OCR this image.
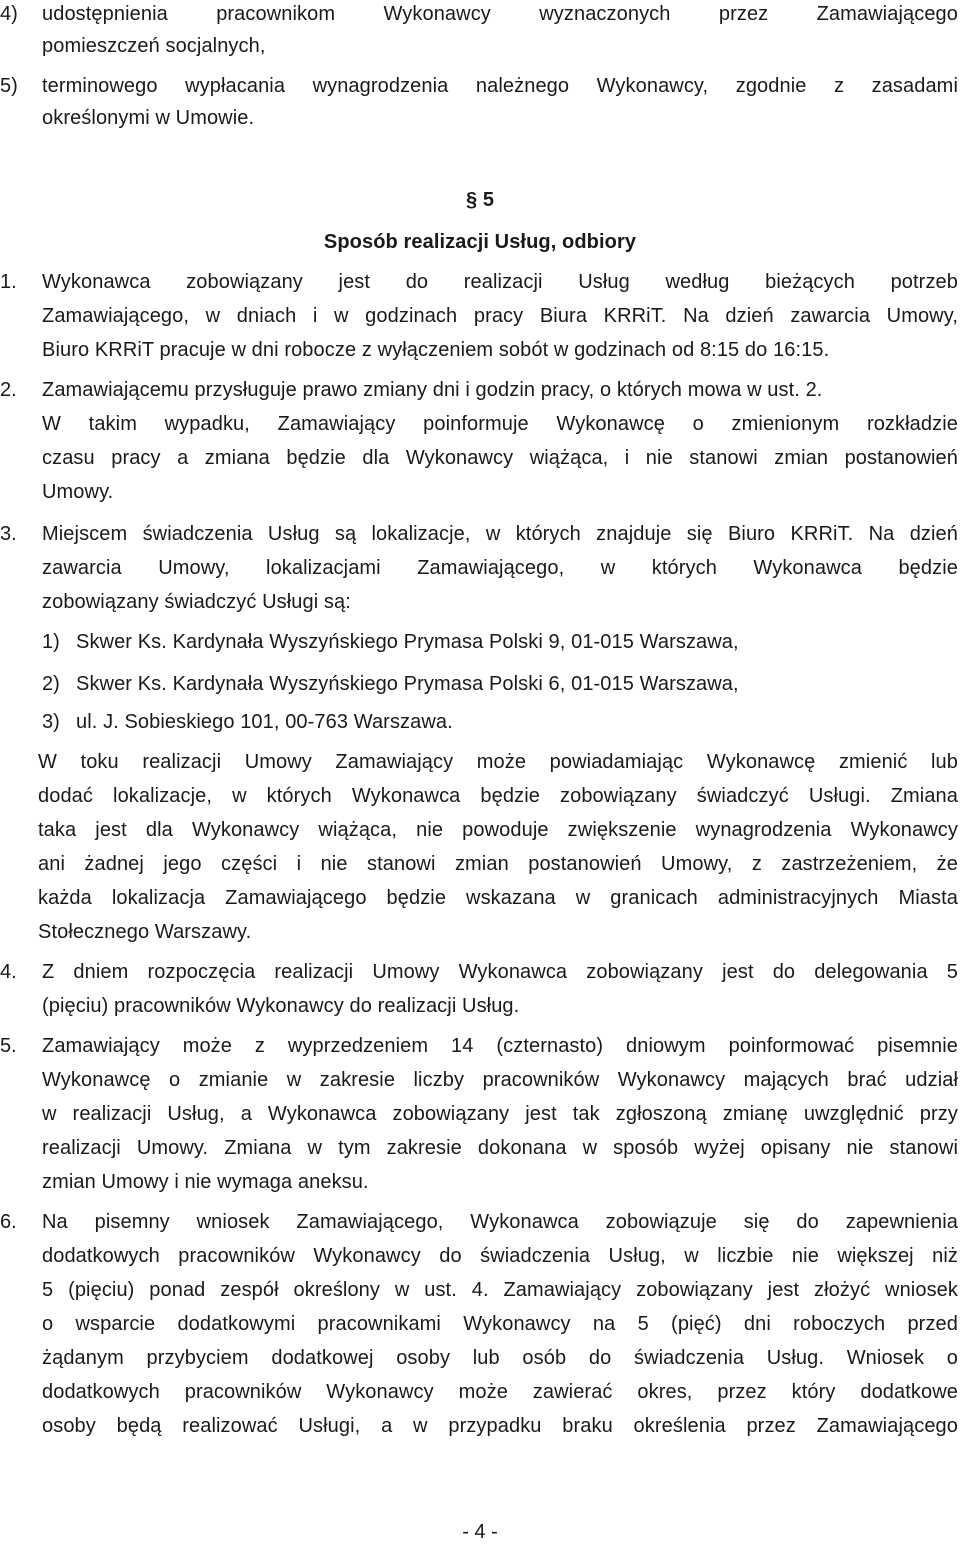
4) udostępnienia pracownikom Wykonawcy wyznaczonych przez Zamawiającego
pomieszczeń socjalnych,
5) terminowego wypłacania wynagrodzenia należnego Wykonawcy, zgodnie z zasadami
określonymi w Umowie.
§ 5
Sposób realizacji Usług, odbiory
1. Wykonawca zobowiązany jest do realizacji Usług według bieżących potrzeb
Zamawiającego, w dniach i w godzinach pracy Biura KRRiT. Na dzień zawarcia Umowy,
Biuro KRRiT pracuje w dni robocze z wyłączeniem sobót w godzinach od 8:15 do 16:15.
2. Zamawiającemu przysługuje prawo zmiany dni i godzin pracy, o których mowa w ust. 2.
W takim wypadku, Zamawiający poinformuje Wykonawcę o zmienionym rozkładzie
czasu pracy a zmiana będzie dla Wykonawcy wiążąca, i nie stanowi zmian postanowień
Umowy.
3. Miejscem świadczenia Usług są lokalizacje, w których znajduje się Biuro KRRiT. Na dzień
zawarcia Umowy, lokalizacjami Zamawiającego, w których Wykonawca będzie
zobowiązany świadczyć Usługi są:
1) Skwer Ks. Kardynała Wyszyńskiego Prymasa Polski 9, 01-015 Warszawa,
2) Skwer Ks. Kardynała Wyszyńskiego Prymasa Polski 6, 01-015 Warszawa,
3) ul. J. Sobieskiego 101, 00-763 Warszawa.
W toku realizacji Umowy Zamawiający może powiadamiając Wykonawcę zmienić lub
dodać lokalizacje, w których Wykonawca będzie zobowiązany świadczyć Usługi. Zmiana
taka jest dla Wykonawcy wiążąca, nie powoduje zwiększenie wynagrodzenia Wykonawcy
ani żadnej jego części i nie stanowi zmian postanowień Umowy, z zastrzeżeniem, że
każda lokalizacja Zamawiającego będzie wskazana w granicach administracyjnych Miasta
Stołecznego Warszawy.
4. Z dniem rozpoczęcia realizacji Umowy Wykonawca zobowiązany jest do delegowania 5
(pięciu) pracowników Wykonawcy do realizacji Usług.
5. Zamawiający może z wyprzedzeniem 14 (czternasto) dniowym poinformować pisemnie
Wykonawcę o zmianie w zakresie liczby pracowników Wykonawcy mających brać udział
w realizacji Usług, a Wykonawca zobowiązany jest tak zgłoszoną zmianę uwzględnić przy
realizacji Umowy. Zmiana w tym zakresie dokonana w sposób wyżej opisany nie stanowi
zmian Umowy i nie wymaga aneksu.
6. Na pisemny wniosek Zamawiającego, Wykonawca zobowiązuje się do zapewnienia
dodatkowych pracowników Wykonawcy do świadczenia Usług, w liczbie nie większej niż
5 (pięciu) ponad zespół określony w ust. 4. Zamawiający zobowiązany jest złożyć wniosek
o wsparcie dodatkowymi pracownikami Wykonawcy na 5 (pięć) dni roboczych przed
żądanym przybyciem dodatkowej osoby lub osób do świadczenia Usług. Wniosek o
dodatkowych pracowników Wykonawcy może zawierać okres, przez który dodatkowe
osoby będą realizować Usługi, a w przypadku braku określenia przez Zamawiającego
- 4 -
